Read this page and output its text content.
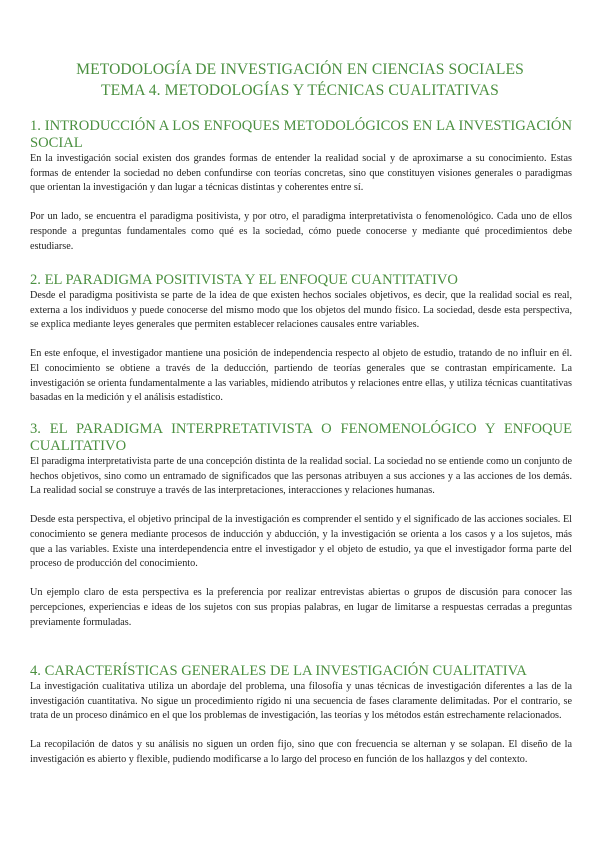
METODOLOGÍA DE INVESTIGACIÓN EN CIENCIAS SOCIALES
TEMA 4. METODOLOGÍAS Y TÉCNICAS CUALITATIVAS
1. INTRODUCCIÓN A LOS ENFOQUES METODOLÓGICOS EN LA INVESTIGACIÓN SOCIAL

En la investigación social existen dos grandes formas de entender la realidad social y de aproximarse a su conocimiento. Estas formas de entender la sociedad no deben confundirse con teorías concretas, sino que constituyen visiones generales o paradigmas que orientan la investigación y dan lugar a técnicas distintas y coherentes entre sí.

Por un lado, se encuentra el paradigma positivista, y por otro, el paradigma interpretativista o fenomenológico. Cada uno de ellos responde a preguntas fundamentales como qué es la sociedad, cómo puede conocerse y mediante qué procedimientos debe estudiarse.

2. EL PARADIGMA POSITIVISTA Y EL ENFOQUE CUANTITATIVO

Desde el paradigma positivista se parte de la idea de que existen hechos sociales objetivos, es decir, que la realidad social es real, externa a los individuos y puede conocerse del mismo modo que los objetos del mundo físico. La sociedad, desde esta perspectiva, se explica mediante leyes generales que permiten establecer relaciones causales entre variables.

En este enfoque, el investigador mantiene una posición de independencia respecto al objeto de estudio, tratando de no influir en él. El conocimiento se obtiene a través de la deducción, partiendo de teorías generales que se contrastan empíricamente. La investigación se orienta fundamentalmente a las variables, midiendo atributos y relaciones entre ellas, y utiliza técnicas cuantitativas basadas en la medición y el análisis estadístico.

3. EL PARADIGMA INTERPRETATIVISTA O FENOMENOLÓGICO Y ENFOQUE CUALITATIVO

El paradigma interpretativista parte de una concepción distinta de la realidad social. La sociedad no se entiende como un conjunto de hechos objetivos, sino como un entramado de significados que las personas atribuyen a sus acciones y a las acciones de los demás. La realidad social se construye a través de las interpretaciones, interacciones y relaciones humanas.

Desde esta perspectiva, el objetivo principal de la investigación es comprender el sentido y el significado de las acciones sociales. El conocimiento se genera mediante procesos de inducción y abducción, y la investigación se orienta a los casos y a los sujetos, más que a las variables. Existe una interdependencia entre el investigador y el objeto de estudio, ya que el investigador forma parte del proceso de producción del conocimiento.

Un ejemplo claro de esta perspectiva es la preferencia por realizar entrevistas abiertas o grupos de discusión para conocer las percepciones, experiencias e ideas de los sujetos con sus propias palabras, en lugar de limitarse a respuestas cerradas a preguntas previamente formuladas.

4. CARACTERÍSTICAS GENERALES DE LA INVESTIGACIÓN CUALITATIVA

La investigación cualitativa utiliza un abordaje del problema, una filosofía y unas técnicas de investigación diferentes a las de la investigación cuantitativa. No sigue un procedimiento rígido ni una secuencia de fases claramente delimitadas. Por el contrario, se trata de un proceso dinámico en el que los problemas de investigación, las teorías y los métodos están estrechamente relacionados.

La recopilación de datos y su análisis no siguen un orden fijo, sino que con frecuencia se alternan y se solapan. El diseño de la investigación es abierto y flexible, pudiendo modificarse a lo largo del proceso en función de los hallazgos y del contexto.
